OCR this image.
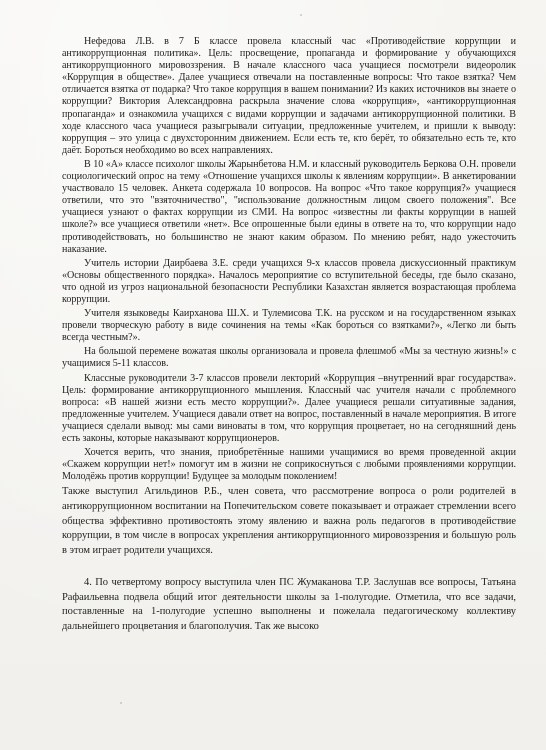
Нефедова Л.В. в 7 Б классе провела классный час «Противодействие коррупции и антикоррупционная политика». Цель: просвещение, пропаганда и формирование у обучающихся антикоррупционного мировоззрения. В начале классного часа учащиеся посмотрели видеоролик «Коррупция в обществе». Далее учащиеся отвечали на поставленные вопросы: Что такое взятка? Чем отличается взятка от подарка? Что такое коррупция в вашем понимании? Из каких источников вы знаете о коррупции? Виктория Александровна раскрыла значение слова «коррупция», «антикоррупционная пропаганда» и ознакомила учащихся с видами коррупции и задачами антикоррупционной политики. В ходе классного часа учащиеся разыгрывали ситуации, предложенные учителем, и пришли к выводу: коррупция – это улица с двухсторонним движением. Если есть те, кто берёт, то обязательно есть те, кто даёт. Бороться необходимо во всех направлениях.

В 10 «А» классе психолог школы Жарынбетова Н.М. и классный руководитель Беркова О.Н. провели социологический опрос на тему «Отношение учащихся школы к явлениям коррупции». В анкетировании участвовало 15 человек. Анкета содержала 10 вопросов. На вопрос «Что такое коррупция?» учащиеся ответили, что это "взяточничество", "использование должностным лицом своего положения". Все учащиеся узнают о фактах коррупции из СМИ. На вопрос «известны ли факты коррупции в нашей школе?» все учащиеся ответили «нет». Все опрошенные были едины в ответе на то, что коррупции надо противодействовать, но большинство не знают каким образом. По мнению ребят, надо ужесточить наказание.

Учитель истории Даирбаева З.Е. среди учащихся 9-х классов провела дискуссионный практикум «Основы общественного порядка». Началось мероприятие со вступительной беседы, где было сказано, что одной из угроз национальной безопасности Республики Казахстан является возрастающая проблема коррупции.

Учителя языковеды Каирханова Ш.Х. и Тулемисова Т.К. на русском и на государственном языках провели творческую работу в виде сочинения на темы «Как бороться со взятками?», «Легко ли быть всегда честным?».

На большой перемене вожатая школы организовала и провела флешмоб «Мы за честную жизнь!» с учащимися 5-11 классов.

Классные руководители 3-7 классов провели лекторий «Коррупция –внутренний враг государства». Цель: формирование антикоррупционного мышления. Классный час учителя начали с проблемного вопроса: «В нашей жизни есть место коррупции?». Далее учащиеся решали ситуативные задания, предложенные учителем. Учащиеся давали ответ на вопрос, поставленный в начале мероприятия. В итоге учащиеся сделали вывод: мы сами виноваты в том, что коррупция процветает, но на сегодняшний день есть законы, которые наказывают коррупционеров.

Хочется верить, что знания, приобретённые нашими учащимися во время проведенной акции «Скажем коррупции нет!» помогут им в жизни не соприкоснуться с любыми проявлениями коррупции. Молодёжь против коррупции! Будущее за молодым поколением!

Также выступил Агильдинов Р.Б., член совета, что рассмотрение вопроса о роли родителей в антикоррупционном воспитании на Попечительском совете показывает и отражает стремлении всего общества эффективно противостоять этому явлению и важна роль педагогов в противодействие коррупции, в том числе в вопросах укрепления антикоррупционного мировоззрения и большую роль в этом играет родители учащихся.

4. По четвертому вопросу выступила член ПС Жумаканова Т.Р. Заслушав все вопросы, Татьяна Рафаильевна подвела общий итог деятельности школы за 1-полугодие. Отметила, что все задачи, поставленные на 1-полугодие успешно выполнены и пожелала педагогическому коллективу дальнейшего процветания и благополучия. Так же высоко
